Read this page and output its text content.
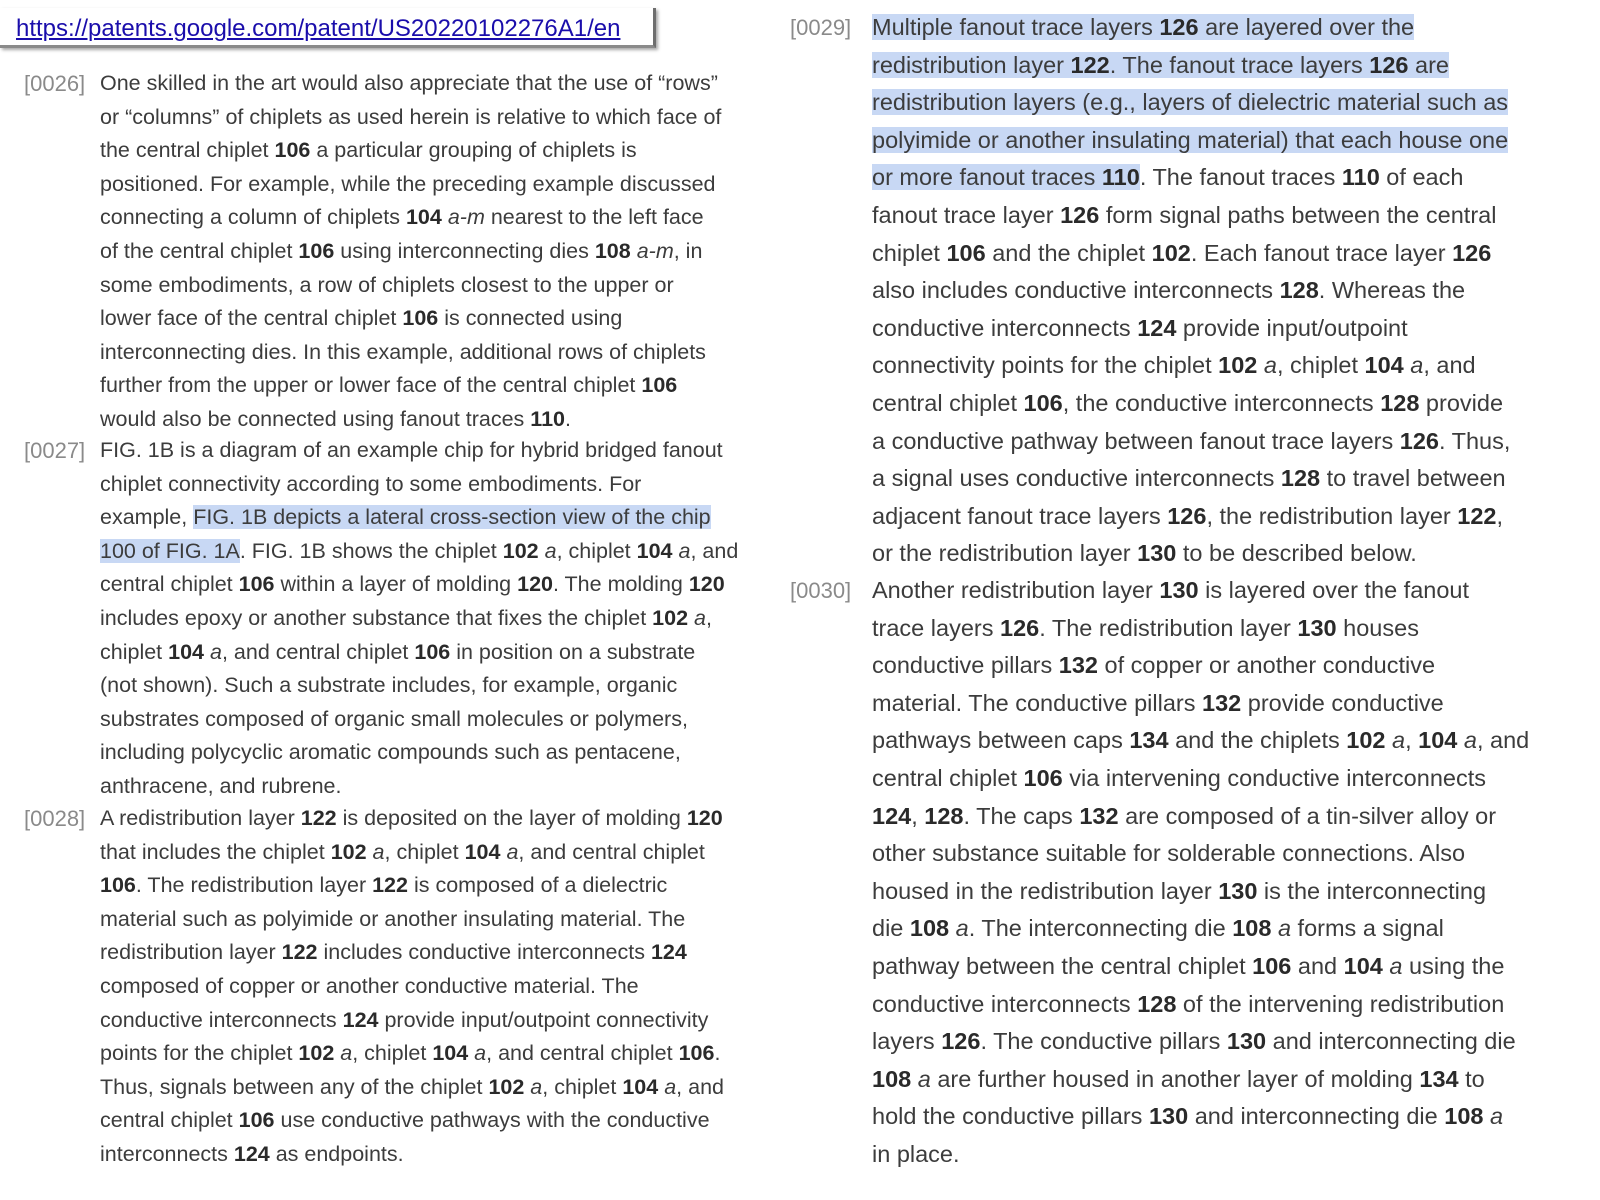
https://patents.google.com/patent/US20220102276A1/en
[0026] One skilled in the art would also appreciate that the use of “rows”
or “columns” of chiplets as used herein is relative to which face of
the central chiplet 106 a particular grouping of chiplets is
positioned. For example, while the preceding example discussed
connecting a column of chiplets 104 a-m nearest to the left face
of the central chiplet 106 using interconnecting dies 108 a-m, in
some embodiments, a row of chiplets closest to the upper or
lower face of the central chiplet 106 is connected using
interconnecting dies. In this example, additional rows of chiplets
further from the upper or lower face of the central chiplet 106
would also be connected using fanout traces 110.
[0027] FIG. 1B is a diagram of an example chip for hybrid bridged fanout
chiplet connectivity according to some embodiments. For
example, FIG. 1B depicts a lateral cross-section view of the chip
100 of FIG. 1A. FIG. 1B shows the chiplet 102 a, chiplet 104 a, and
central chiplet 106 within a layer of molding 120. The molding 120
includes epoxy or another substance that fixes the chiplet 102 a,
chiplet 104 a, and central chiplet 106 in position on a substrate
(not shown). Such a substrate includes, for example, organic
substrates composed of organic small molecules or polymers,
including polycyclic aromatic compounds such as pentacene,
anthracene, and rubrene.
[0028] A redistribution layer 122 is deposited on the layer of molding 120
that includes the chiplet 102 a, chiplet 104 a, and central chiplet
106. The redistribution layer 122 is composed of a dielectric
material such as polyimide or another insulating material. The
redistribution layer 122 includes conductive interconnects 124
composed of copper or another conductive material. The
conductive interconnects 124 provide input/outpoint connectivity
points for the chiplet 102 a, chiplet 104 a, and central chiplet 106.
Thus, signals between any of the chiplet 102 a, chiplet 104 a, and
central chiplet 106 use conductive pathways with the conductive
interconnects 124 as endpoints.
[0029] Multiple fanout trace layers 126 are layered over the
redistribution layer 122. The fanout trace layers 126 are
redistribution layers (e.g., layers of dielectric material such as
polyimide or another insulating material) that each house one
or more fanout traces 110. The fanout traces 110 of each
fanout trace layer 126 form signal paths between the central
chiplet 106 and the chiplet 102. Each fanout trace layer 126
also includes conductive interconnects 128. Whereas the
conductive interconnects 124 provide input/outpoint
connectivity points for the chiplet 102 a, chiplet 104 a, and
central chiplet 106, the conductive interconnects 128 provide
a conductive pathway between fanout trace layers 126. Thus,
a signal uses conductive interconnects 128 to travel between
adjacent fanout trace layers 126, the redistribution layer 122,
or the redistribution layer 130 to be described below.
[0030] Another redistribution layer 130 is layered over the fanout
trace layers 126. The redistribution layer 130 houses
conductive pillars 132 of copper or another conductive
material. The conductive pillars 132 provide conductive
pathways between caps 134 and the chiplets 102 a, 104 a, and
central chiplet 106 via intervening conductive interconnects
124, 128. The caps 132 are composed of a tin-silver alloy or
other substance suitable for solderable connections. Also
housed in the redistribution layer 130 is the interconnecting
die 108 a. The interconnecting die 108 a forms a signal
pathway between the central chiplet 106 and 104 a using the
conductive interconnects 128 of the intervening redistribution
layers 126. The conductive pillars 130 and interconnecting die
108 a are further housed in another layer of molding 134 to
hold the conductive pillars 130 and interconnecting die 108 a
in place.
